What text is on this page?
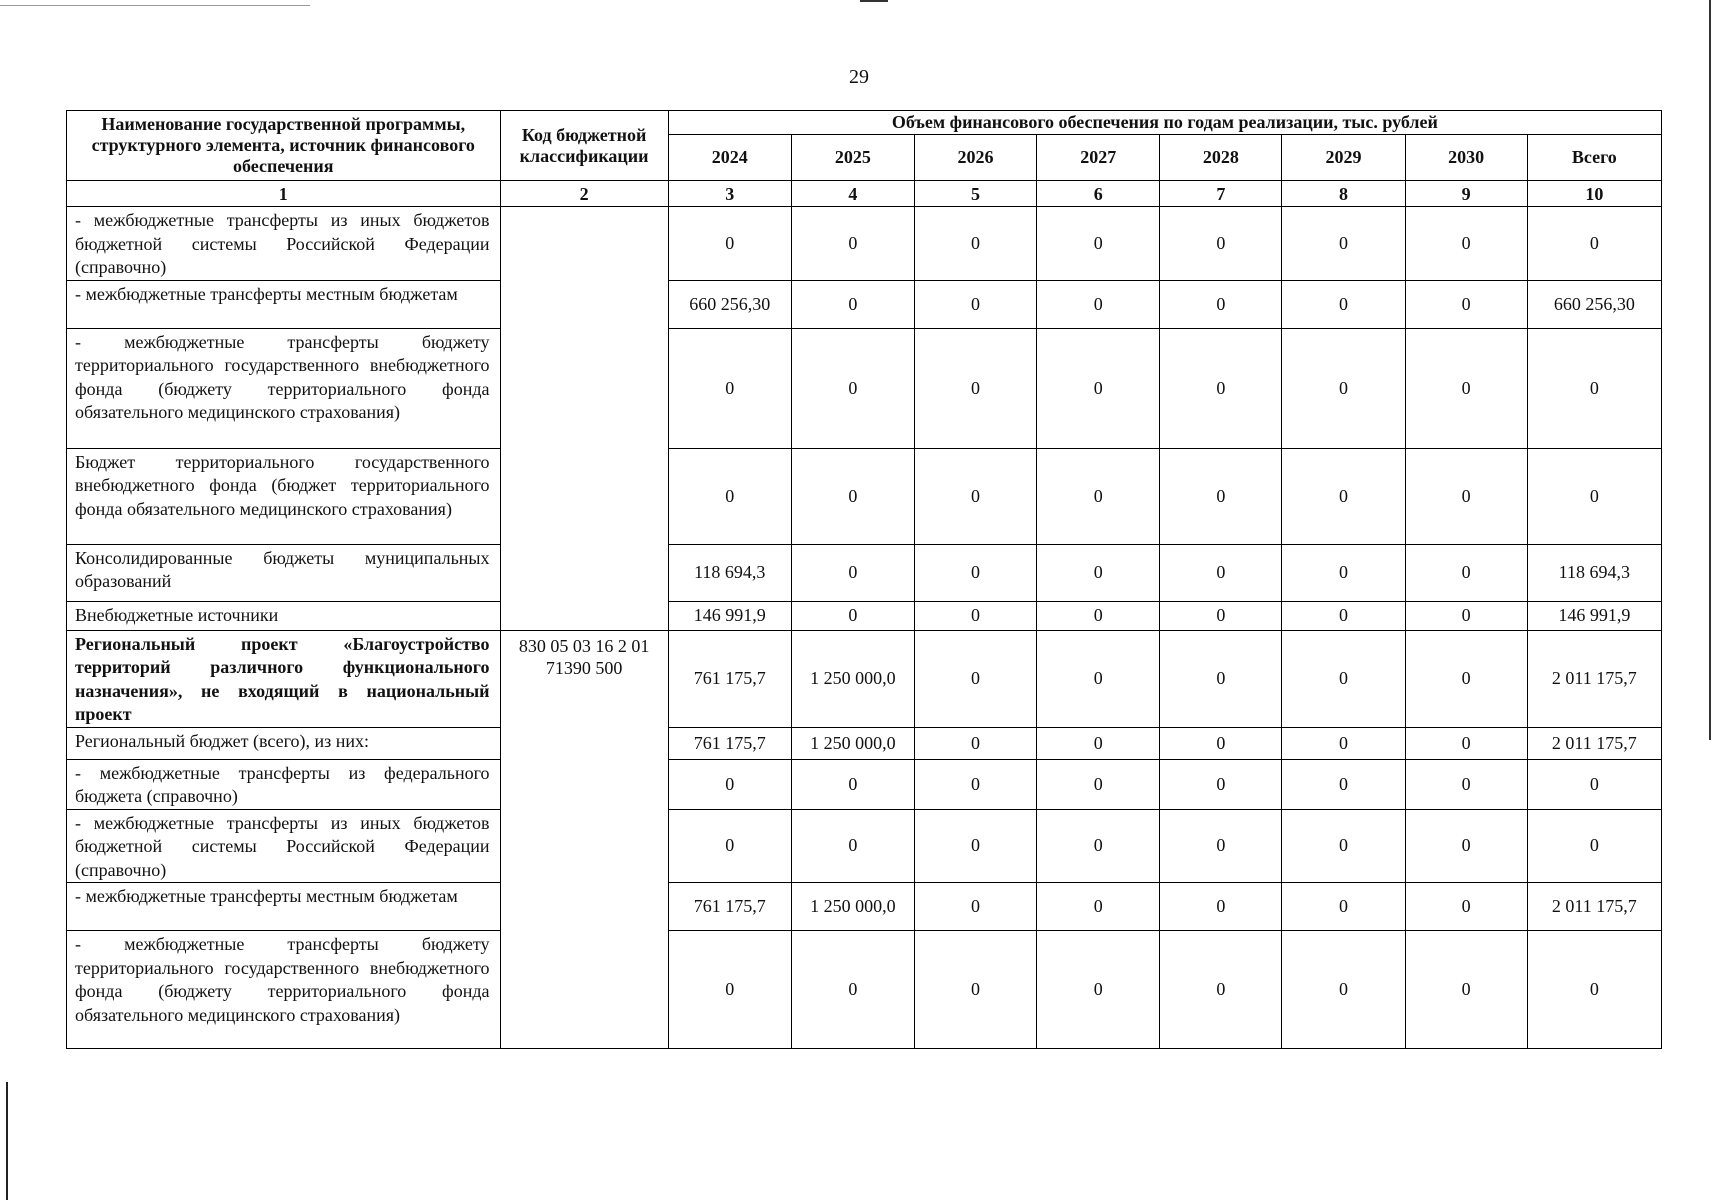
29
Наименование государственной программы, структурного элемента, источник финансового обеспечения	Код бюджетной классификации	Объем финансового обеспечения по годам реализации, тыс. рублей							
		2024	2025	2026	2027	2028	2029	2030	Всего
1	2	3	4	5	6	7	8	9	10
- межбюджетные трансферты из иных бюджетов бюджетной системы Российской Федерации (справочно)		0	0	0	0	0	0	0	0
- межбюджетные трансферты местным бюджетам		660 256,30	0	0	0	0	0	0	660 256,30
- межбюджетные трансферты бюджету территориального государственного внебюджетного фонда (бюджету территориального фонда обязательного медицинского страхования)		0	0	0	0	0	0	0	0
Бюджет территориального государственного внебюджетного фонда (бюджет территориального фонда обязательного медицинского страхования)		0	0	0	0	0	0	0	0
Консолидированные бюджеты муниципальных образований		118 694,3	0	0	0	0	0	0	118 694,3
Внебюджетные источники		146 991,9	0	0	0	0	0	0	146 991,9
Региональный проект «Благоустройство территорий различного функционального назначения», не входящий в национальный проект	830 05 03 16 2 01 71390 500	761 175,7	1 250 000,0	0	0	0	0	0	2 011 175,7
Региональный бюджет (всего), из них:		761 175,7	1 250 000,0	0	0	0	0	0	2 011 175,7
- межбюджетные трансферты из федерального бюджета (справочно)		0	0	0	0	0	0	0	0
- межбюджетные трансферты из иных бюджетов бюджетной системы Российской Федерации (справочно)		0	0	0	0	0	0	0	0
- межбюджетные трансферты местным бюджетам		761 175,7	1 250 000,0	0	0	0	0	0	2 011 175,7
- межбюджетные трансферты бюджету территориального государственного внебюджетного фонда (бюджету территориального фонда обязательного медицинского страхования)		0	0	0	0	0	0	0	0
